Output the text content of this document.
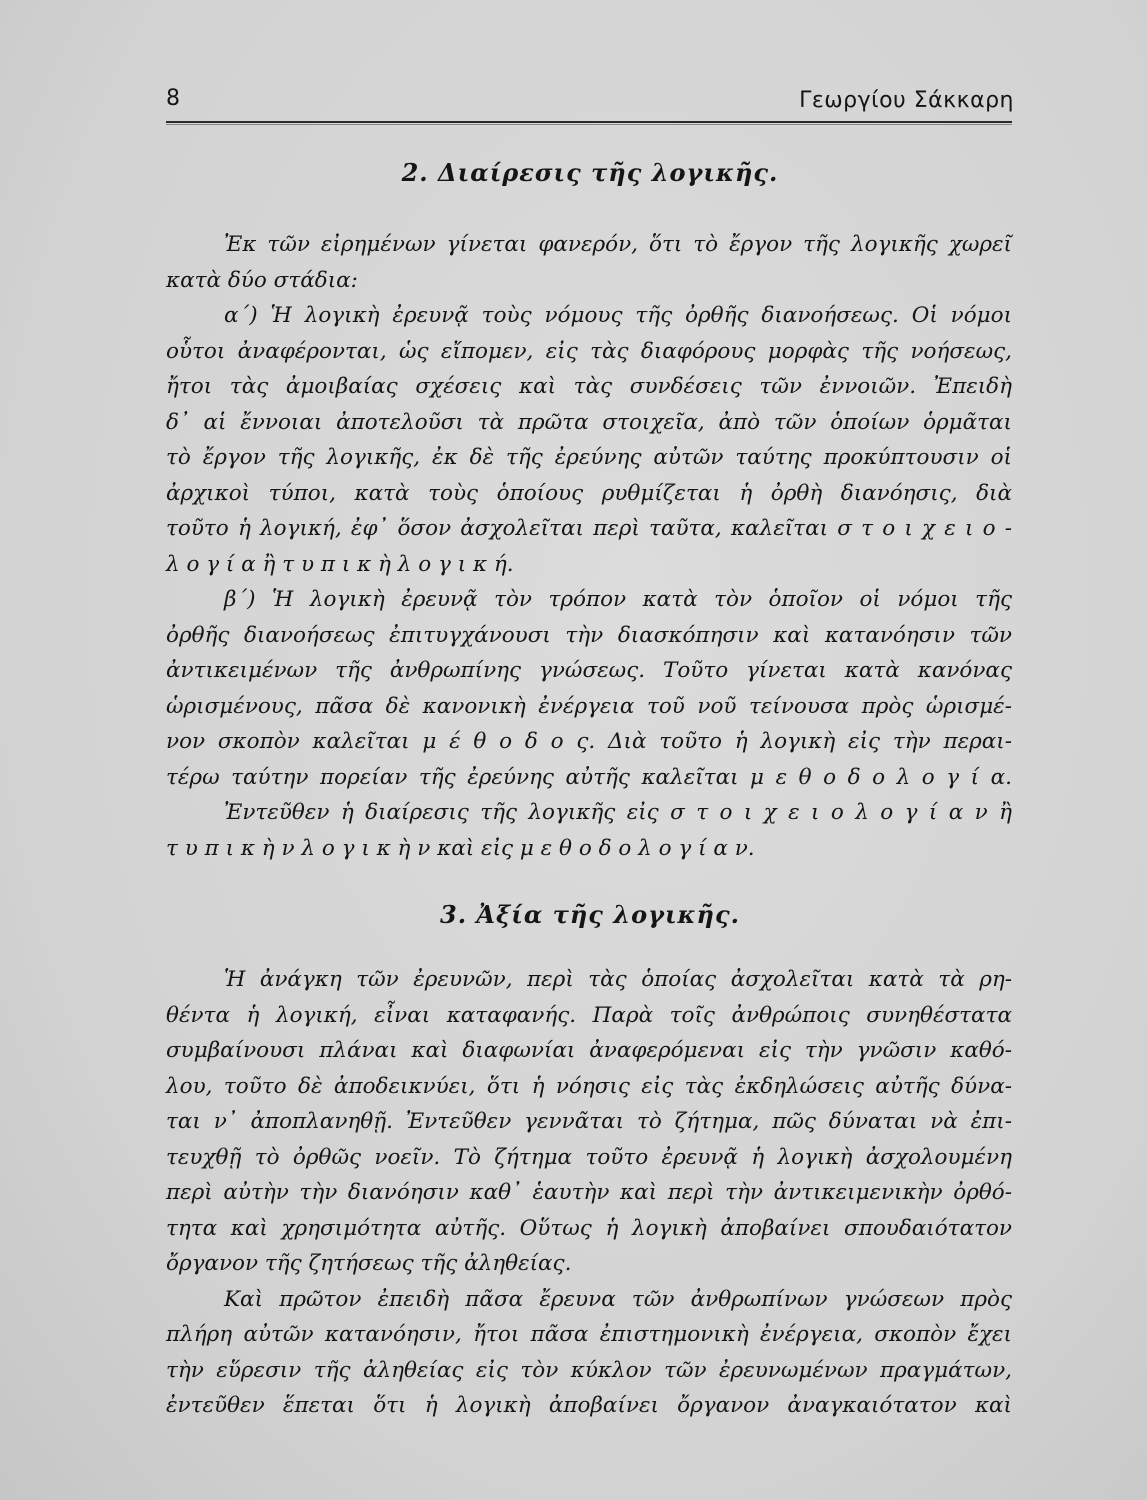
8	Γεωργίου Σάκκαρη
2. Διαίρεσις τῆς λογικῆς.
Ἐκ τῶν εἰρημένων γίνεται φανερόν, ὅτι τὸ ἔργον τῆς λογικῆς χωρεῖ
κατὰ δύο στάδια:
α΄) Ἡ λογικὴ ἐρευνᾷ τοὺς νόμους τῆς ὀρθῆς διανοήσεως. Οἱ νόμοι
οὗτοι ἀναφέρονται, ὡς εἴπομεν, εἰς τὰς διαφόρους μορφὰς τῆς νοήσεως,
ἤτοι τὰς ἀμοιβαίας σχέσεις καὶ τὰς συνδέσεις τῶν ἐννοιῶν. Ἐπειδὴ
δ᾽ αἱ ἔννοιαι ἀποτελοῦσι τὰ πρῶτα στοιχεῖα, ἀπὸ τῶν ὁποίων ὁρμᾶται
τὸ ἔργον τῆς λογικῆς, ἐκ δὲ τῆς ἐρεύνης αὐτῶν ταύτης προκύπτουσιν οἱ
ἀρχικοὶ τύποι, κατὰ τοὺς ὁποίους ρυθμίζεται ἡ ὀρθὴ διανόησις, διὰ
τοῦτο ἡ λογική, ἐφ᾽ ὅσον ἀσχολεῖται περὶ ταῦτα, καλεῖται σ τ ο ι χ ε ι ο -
λ ο γ ί α ἢ τ υ π ι κ ὴ λ ο γ ι κ ή.
β΄) Ἡ λογικὴ ἐρευνᾷ τὸν τρόπον κατὰ τὸν ὁποῖον οἱ νόμοι τῆς
ὀρθῆς διανοήσεως ἐπιτυγχάνουσι τὴν διασκόπησιν καὶ κατανόησιν τῶν
ἀντικειμένων τῆς ἀνθρωπίνης γνώσεως. Τοῦτο γίνεται κατὰ κανόνας
ὡρισμένους, πᾶσα δὲ κανονικὴ ἐνέργεια τοῦ νοῦ τείνουσα πρὸς ὡρισμέ-
νον σκοπὸν καλεῖται μ έ θ ο δ ο ς. Διὰ τοῦτο ἡ λογικὴ εἰς τὴν περαι-
τέρω ταύτην πορείαν τῆς ἐρεύνης αὐτῆς καλεῖται μ ε θ ο δ ο λ ο γ ί α.
Ἐντεῦθεν ἡ διαίρεσις τῆς λογικῆς εἰς σ τ ο ι χ ε ι ο λ ο γ ί α ν ἢ
τ υ π ι κ ὴ ν λ ο γ ι κ ὴ ν καὶ εἰς μ ε θ ο δ ο λ ο γ ί α ν.
3. Ἀξία τῆς λογικῆς.
Ἡ ἀνάγκη τῶν ἐρευνῶν, περὶ τὰς ὁποίας ἀσχολεῖται κατὰ τὰ ρη-
θέντα ἡ λογική, εἶναι καταφανής. Παρὰ τοῖς ἀνθρώποις συνηθέστατα
συμβαίνουσι πλάναι καὶ διαφωνίαι ἀναφερόμεναι εἰς τὴν γνῶσιν καθό-
λου, τοῦτο δὲ ἀποδεικνύει, ὅτι ἡ νόησις εἰς τὰς ἐκδηλώσεις αὐτῆς δύνα-
ται ν᾽ ἀποπλανηθῇ. Ἐντεῦθεν γεννᾶται τὸ ζήτημα, πῶς δύναται νὰ ἐπι-
τευχθῇ τὸ ὀρθῶς νοεῖν. Τὸ ζήτημα τοῦτο ἐρευνᾷ ἡ λογικὴ ἀσχολουμένη
περὶ αὐτὴν τὴν διανόησιν καθ᾽ ἑαυτὴν καὶ περὶ τὴν ἀντικειμενικὴν ὀρθό-
τητα καὶ χρησιμότητα αὐτῆς. Οὕτως ἡ λογικὴ ἀποβαίνει σπουδαιότατον
ὄργανον τῆς ζητήσεως τῆς ἀληθείας.
Καὶ πρῶτον ἐπειδὴ πᾶσα ἔρευνα τῶν ἀνθρωπίνων γνώσεων πρὸς
πλήρη αὐτῶν κατανόησιν, ἤτοι πᾶσα ἐπιστημονικὴ ἐνέργεια, σκοπὸν ἔχει
τὴν εὕρεσιν τῆς ἀληθείας εἰς τὸν κύκλον τῶν ἐρευνωμένων πραγμάτων,
ἐντεῦθεν ἕπεται ὅτι ἡ λογικὴ ἀποβαίνει ὄργανον ἀναγκαιότατον καὶ
